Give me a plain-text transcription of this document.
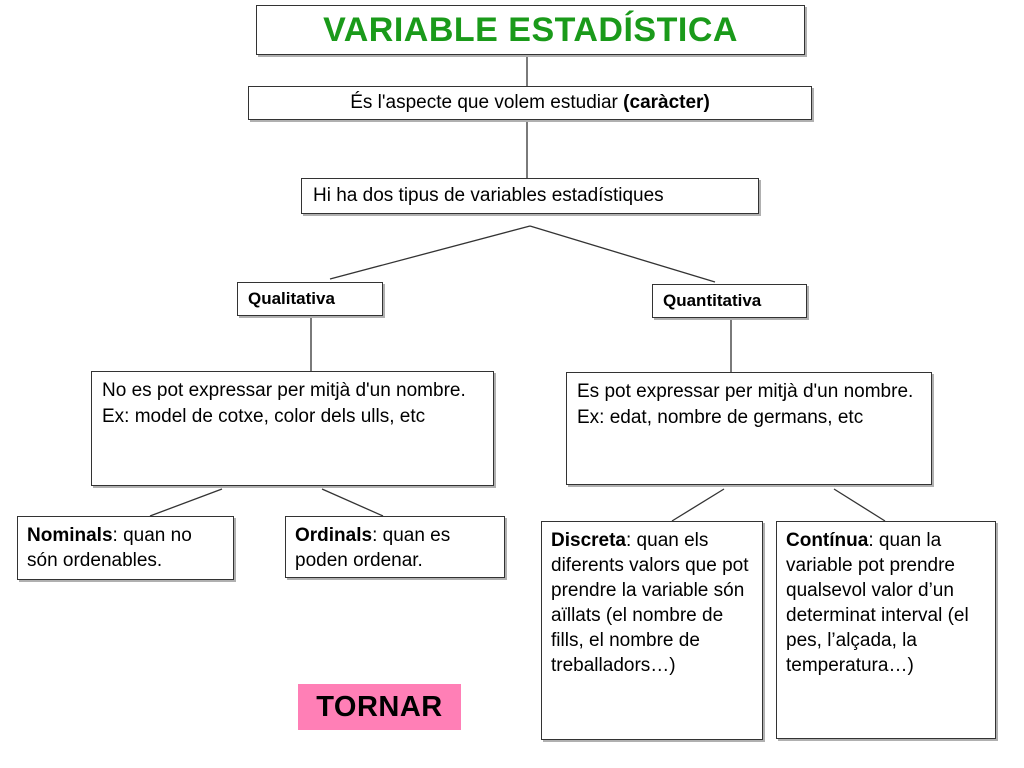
VARIABLE ESTADÍSTICA
És l'aspecte que volem estudiar (caràcter)
Hi ha dos tipus de variables estadístiques
Qualitativa	Quantitativa
No es pot expressar per mitjà d'un nombre.
Ex: model de cotxe, color dels ulls, etc
Es pot expressar per mitjà d'un nombre.
Ex: edat, nombre de germans, etc
Nominals: quan no són ordenables.
Ordinals: quan es poden ordenar.
Discreta: quan els diferents valors que pot prendre la variable són aïllats (el nombre de fills, el nombre de treballadors…)
Contínua: quan la variable pot prendre qualsevol valor d’un determinat interval (el pes, l’alçada, la temperatura…)
TORNAR
